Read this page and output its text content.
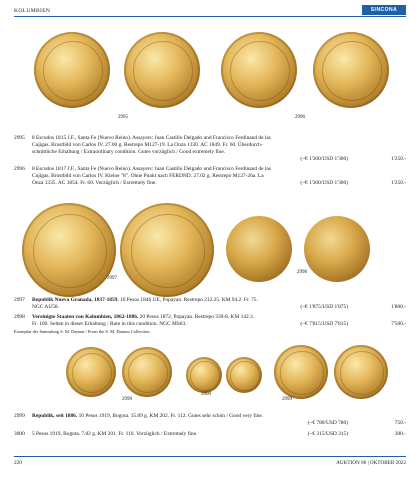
KOLUMBIEN	SINCONA
2995	2996
2995 8 Escudos 1815 J.F., Santa Fe (Nuevo Reino). Assayers: Juan Castillo Delgado und Francisco Ferdinand de las
Cujigas. Brustbild von Carlos IV. 27.00 g. Restrepo M127-19. La Onza 1330. AC 1849. Fr. 60. Überdurch-
schnittliche Erhaltung / Extraordinary condition. Gutes vorzüglich / Good extremely fine.
(~€ 1'300/USD 1'300)	1'250.-
2996 8 Escudos 1817 J.F., Santa Fe (Nuevo Reino). Assayers: Juan Castillo Delgado und Francisco Ferdinand de las
Cujigas. Brustbild von Carlos IV. Kleine "8". Ohne Punkt nach FERDND. 27.02 g. Restrepo M127-26a. La
Onza 1335. AC 1854. Fr. 60. Vorzüglich / Extremely fine.	(~€ 1'300/USD 1'300)	1'250.-
2997
2998
2997 Republik Nueva Granada, 1837-1859. 16 Pesos 1846 UE, Popayan. Restrepo 212.25. KM 94.2. Fr. 75.
NGC AU58.	(~€ 1'875/USD 1'875)	1'800.-
2998 Vereinigte Staaten von Kolumbien, 1862-1886. 20 Pesos 1872, Popayan. Restrepo 339-8. KM 142.3.
Fr. 100. Selten in dieser Erhaltung / Rare in this condition. NGC MS63.	(~€ 7'815/USD 7'815)	7'500.-
Exemplar der Sammlung S. M. Damon / From the S. M. Damon Collection.
2999
3000
2999
2999 Republik, seit 1886. 10 Pesos 1919, Bogota. 15.89 g. KM 202. Fr. 112. Gutes sehr schön / Good very fine.
(~€ 780/USD 780)	750.-
3000 5 Pesos 1919, Bogota. 7.82 g. KM 201. Fr. 110. Vorzüglich / Extremely fine.	(~€ 315/USD 315)	300.-
220	AUKTION 86 | OKTOBER 2022
